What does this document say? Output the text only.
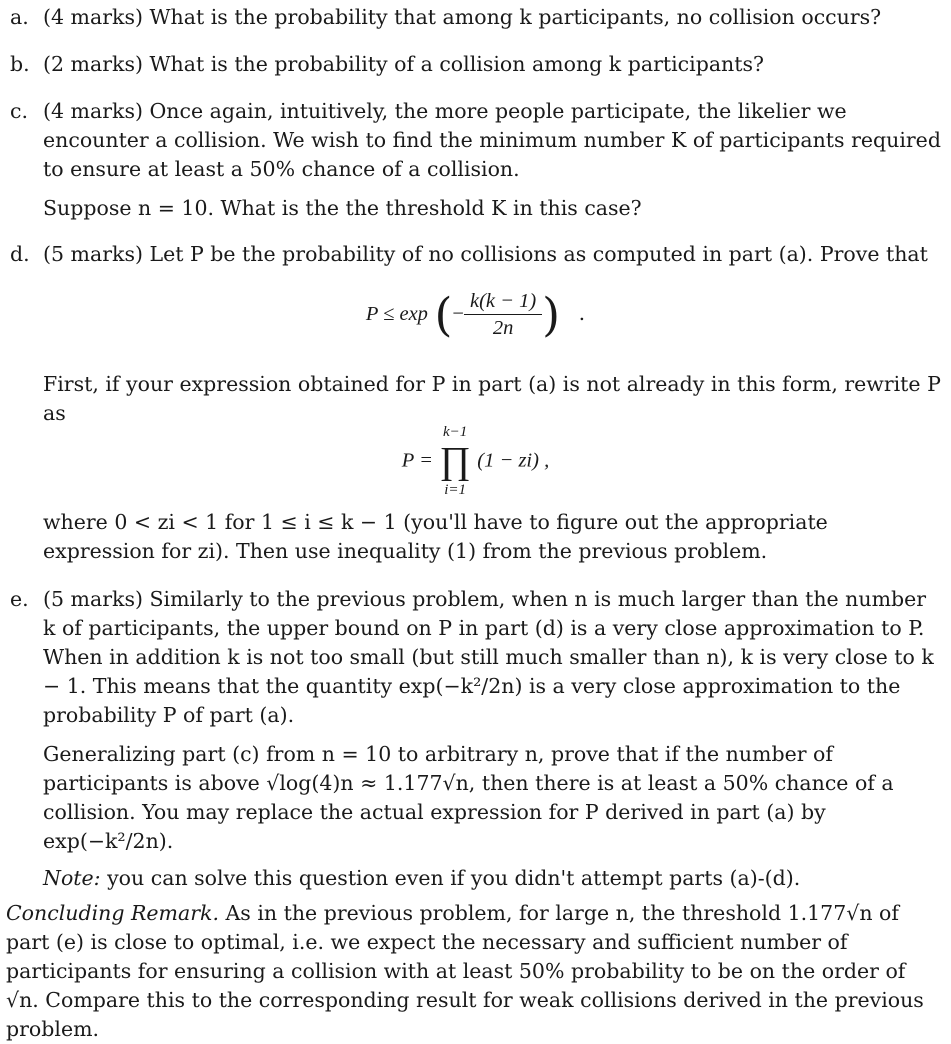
a. (4 marks) What is the probability that among k participants, no collision occurs?

b. (2 marks) What is the probability of a collision among k participants?

c. (4 marks) Once again, intuitively, the more people participate, the likelier we encounter a collision. We wish to find the minimum number K of participants required to ensure at least a 50% chance of a collision.

Suppose n = 10. What is the the threshold K in this case?

d. (5 marks) Let P be the probability of no collisions as computed in part (a). Prove that

P ≤ exp (− $\frac{k(k - 1)}{2n}$ ) .

First, if your expression obtained for P in part (a) is not already in this form, rewrite P as

P =
k−1
∏
i=1
(1 − zi) ,

where 0 < zi < 1 for 1 ≤ i ≤ k − 1 (you'll have to figure out the appropriate expression for zi). Then use inequality (1) from the previous problem.

e. (5 marks) Similarly to the previous problem, when n is much larger than the number k of participants, the upper bound on P in part (d) is a very close approximation to P. When in addition k is not too small (but still much smaller than n), k is very close to k − 1. This means that the quantity exp(−k²/2n) is a very close approximation to the probability P of part (a).

Generalizing part (c) from n = 10 to arbitrary n, prove that if the number of participants is above √log(4)n ≈ 1.177√n, then there is at least a 50% chance of a collision. You may replace the actual expression for P derived in part (a) by exp(−k²/2n).

Note: you can solve this question even if you didn't attempt parts (a)-(d).

Concluding Remark. As in the previous problem, for large n, the threshold 1.177√n of part (e) is close to optimal, i.e. we expect the necessary and sufficient number of participants for ensuring a collision with at least 50% probability to be on the order of √n. Compare this to the corresponding result for weak collisions derived in the previous problem.
